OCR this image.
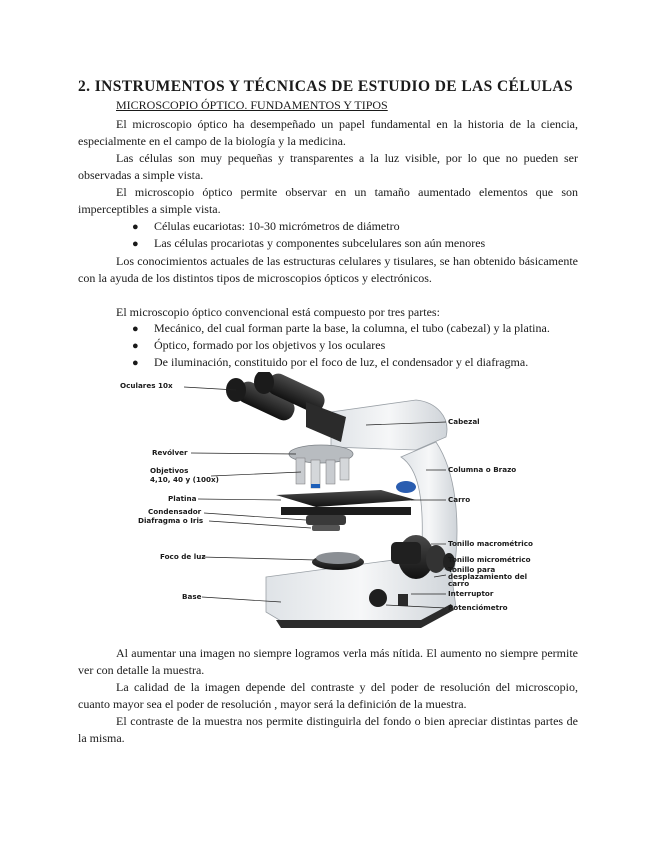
2. INSTRUMENTOS Y TÉCNICAS DE ESTUDIO DE LAS CÉLULAS
MICROSCOPIO ÓPTICO. FUNDAMENTOS Y TIPOS
El microscopio óptico ha desempeñado un papel fundamental en la historia de la ciencia, especialmente en el campo de la biología y la medicina.
Las células son muy pequeñas y transparentes a la luz visible, por lo que no pueden ser observadas a simple vista.
El microscopio óptico permite observar en un tamaño aumentado elementos que son imperceptibles a simple vista.
● Células eucariotas: 10-30 micrómetros de diámetro
● Las células procariotas y componentes subcelulares son aún menores
Los conocimientos actuales de las estructuras celulares y tisulares, se han obtenido básicamente con la ayuda de los distintos tipos de microscopios ópticos y electrónicos.
El microscopio óptico convencional está compuesto por tres partes:
● Mecánico, del cual forman parte la base, la columna, el tubo (cabezal) y la platina.
● Óptico, formado por los objetivos y los oculares
● De iluminación, constituido por el foco de luz, el condensador y el diafragma.
Oculares 10x
Revólver
Objetivos
4,10, 40 y (100x)
Platina
Condensador
Diafragma o Iris
Foco de luz
Base
Cabezal
Columna o Brazo
Carro
Tonillo macrométrico
Tonillo micrométrico
Tonillo para
desplazamiento del
carro
Interruptor
Potenciómetro
Al aumentar una imagen no siempre logramos verla más nítida. El aumento no siempre permite ver con detalle la muestra.
La calidad de la imagen depende del contraste y del poder de resolución del microscopio, cuanto mayor sea el poder de resolución , mayor será la definición de la muestra.
El contraste de la muestra nos permite distinguirla del fondo o bien apreciar distintas partes de la misma.
